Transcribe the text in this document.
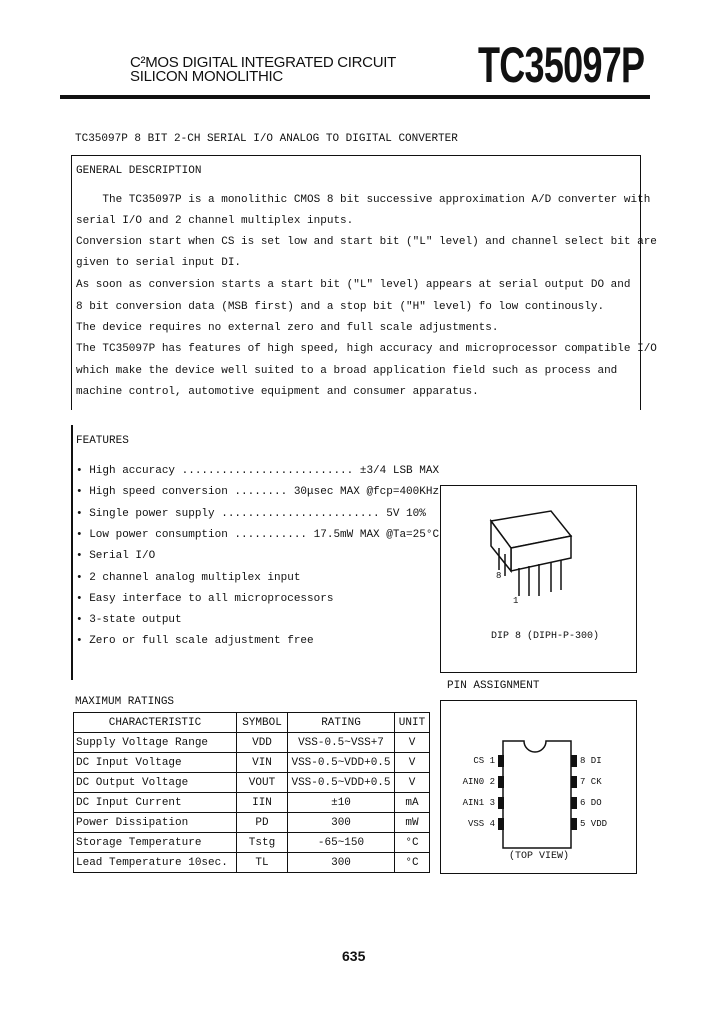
C²MOS DIGITAL INTEGRATED CIRCUIT
SILICON MONOLITHIC	TC35097P
TC35097P 8 BIT 2-CH SERIAL I/O ANALOG TO DIGITAL CONVERTER
GENERAL DESCRIPTION
The TC35097P is a monolithic CMOS 8 bit successive approximation A/D converter with
serial I/O and 2 channel multiplex inputs.
Conversion start when CS is set low and start bit ("L" level) and channel select bit are
given to serial input DI.
As soon as conversion starts a start bit ("L" level) appears at serial output DO and
8 bit conversion data (MSB first) and a stop bit ("H" level) fo low continously.
The device requires no external zero and full scale adjustments.
The TC35097P has features of high speed, high accuracy and microprocessor compatible I/O
which make the device well suited to a broad application field such as process and
machine control, automotive equipment and consumer apparatus.
FEATURES
• High accuracy .......................... ±3/4 LSB MAX
• High speed conversion ........ 30μsec MAX @fcp=400KHz
• Single power supply ........................ 5V 10%
• Low power consumption ........... 17.5mW MAX @Ta=25°C
• Serial I/O
• 2 channel analog multiplex input
• Easy interface to all microprocessors
• 3-state output
• Zero or full scale adjustment free
8
1
DIP 8 (DIPH-P-300)
PIN ASSIGNMENT
CS 1
AIN0 2
AIN1 3
VSS 4
8 DI
7 CK
6 DO
5 VDD
(TOP VIEW)
MAXIMUM RATINGS
CHARACTERISTIC	SYMBOL	RATING	UNIT
Supply Voltage Range	VDD	VSS-0.5~VSS+7	V
DC Input Voltage	VIN	VSS-0.5~VDD+0.5	V
DC Output Voltage	VOUT	VSS-0.5~VDD+0.5	V
DC Input Current	IIN	±10	mA
Power Dissipation	PD	300	mW
Storage Temperature	Tstg	-65~150	°C
Lead Temperature 10sec.	TL	300	°C
635
